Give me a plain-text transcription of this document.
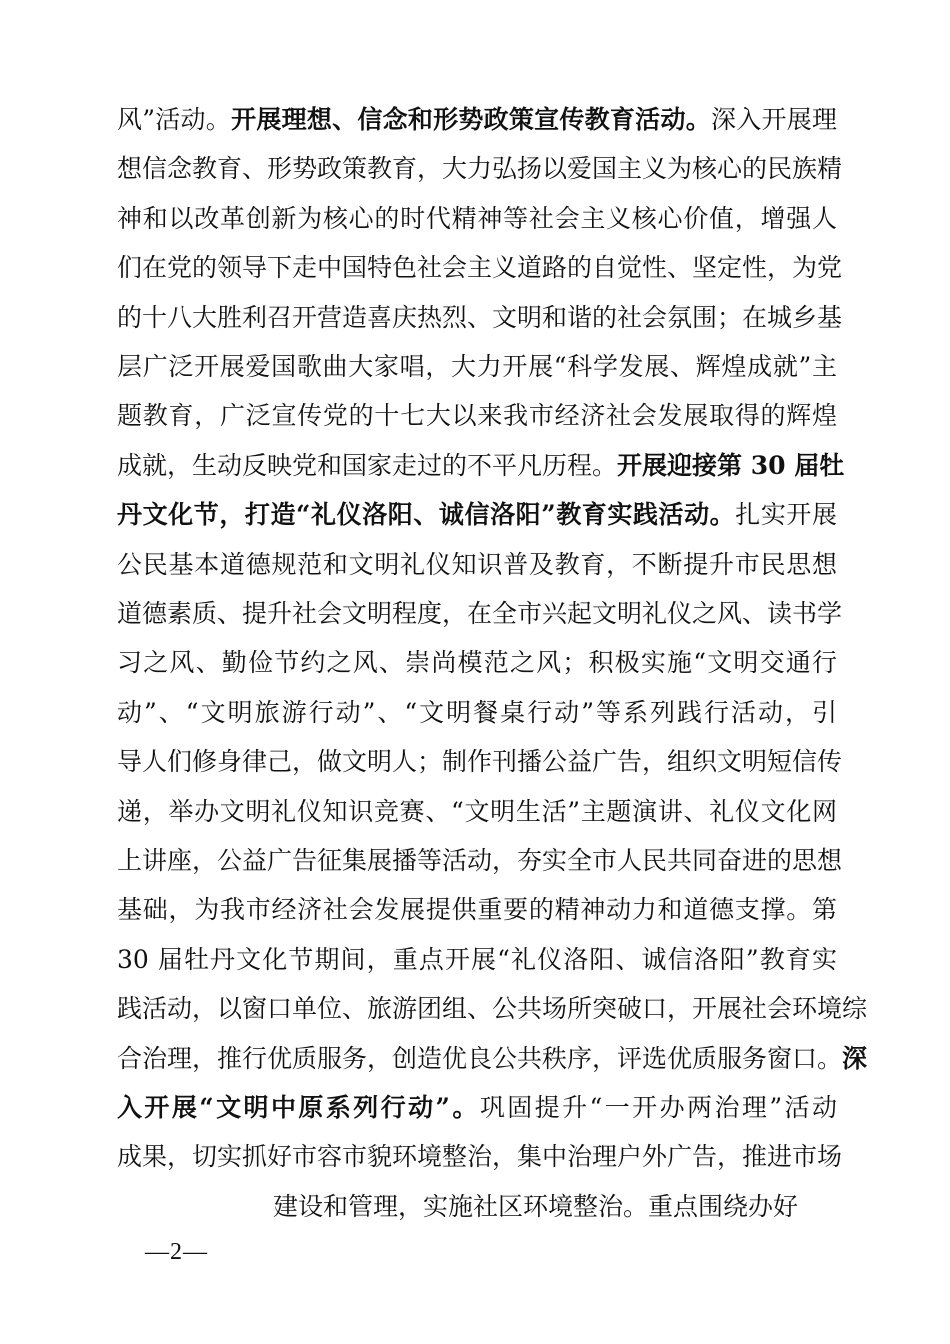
风”活动。开展理想、信念和形势政策宣传教育活动。深入开展理
想信念教育、形势政策教育，大力弘扬以爱国主义为核心的民族精
神和以改革创新为核心的时代精神等社会主义核心价值，增强人
们在党的领导下走中国特色社会主义道路的自觉性、坚定性，为党
的十八大胜利召开营造喜庆热烈、文明和谐的社会氛围；在城乡基
层广泛开展爱国歌曲大家唱，大力开展“科学发展、辉煌成就”主
题教育，广泛宣传党的十七大以来我市经济社会发展取得的辉煌
成就，生动反映党和国家走过的不平凡历程。开展迎接第 30 届牡
丹文化节，打造“礼仪洛阳、诚信洛阳”教育实践活动。扎实开展
公民基本道德规范和文明礼仪知识普及教育，不断提升市民思想
道德素质、提升社会文明程度，在全市兴起文明礼仪之风、读书学
习之风、勤俭节约之风、崇尚模范之风；积极实施“文明交通行
动”、“文明旅游行动”、“文明餐桌行动”等系列践行活动，引
导人们修身律己，做文明人；制作刊播公益广告，组织文明短信传
递，举办文明礼仪知识竞赛、“文明生活”主题演讲、礼仪文化网
上讲座，公益广告征集展播等活动，夯实全市人民共同奋进的思想
基础，为我市经济社会发展提供重要的精神动力和道德支撑。第
30 届牡丹文化节期间，重点开展“礼仪洛阳、诚信洛阳”教育实
践活动，以窗口单位、旅游团组、公共场所突破口，开展社会环境综
合治理，推行优质服务，创造优良公共秩序，评选优质服务窗口。深
入开展“文明中原系列行动”。巩固提升“一开办两治理”活动
成果，切实抓好市容市貌环境整治，集中治理户外广告，推进市场
建设和管理，实施社区环境整治。重点围绕办好
—2—
